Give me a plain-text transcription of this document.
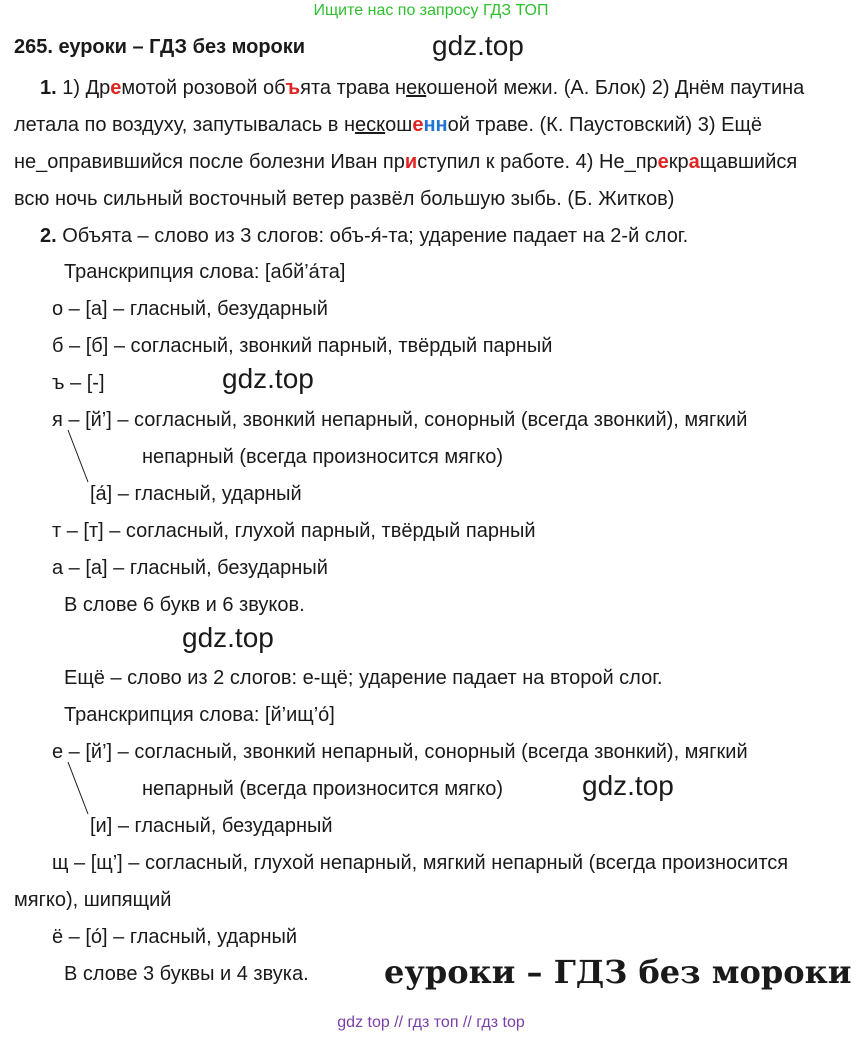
Ищите нас по запросу ГДЗ ТОП
265. еуроки – ГДЗ без мороки	gdz.top
1. 1) Дремотой розовой объята трава некошеной межи. (А. Блок) 2) Днём паутина
летала по воздуху, запутывалась в нескошенной траве. (К. Паустовский) 3) Ещё
не_оправившийся после болезни Иван приступил к работе. 4) Не_прекращавшийся
всю ночь сильный восточный ветер развёл большую зыбь. (Б. Житков)
2. Объята – слово из 3 слогов: объ-я́-та; ударение падает на 2-й слог.
Транскрипция слова: [абй’а́та]
о – [а] – гласный, безударный
б – [б] – согласный, звонкий парный, твёрдый парный
ъ – [-]	gdz.top
я – [й’] – согласный, звонкий непарный, сонорный (всегда звонкий), мягкий
непарный (всегда произносится мягко)
[а́] – гласный, ударный
т – [т] – согласный, глухой парный, твёрдый парный
а – [а] – гласный, безударный
В слове 6 букв и 6 звуков.
gdz.top
Ещё – слово из 2 слогов: е-щё; ударение падает на второй слог.
Транскрипция слова: [й’ищ’о́]
е – [й’] – согласный, звонкий непарный, сонорный (всегда звонкий), мягкий
непарный (всегда произносится мягко)	gdz.top
[и] – гласный, безударный
щ – [щ’] – согласный, глухой непарный, мягкий непарный (всегда произносится
мягко), шипящий
ё – [о́] – гласный, ударный
В слове 3 буквы и 4 звука. еуроки – ГДЗ без мороки
gdz top // гдз топ // гдз top
